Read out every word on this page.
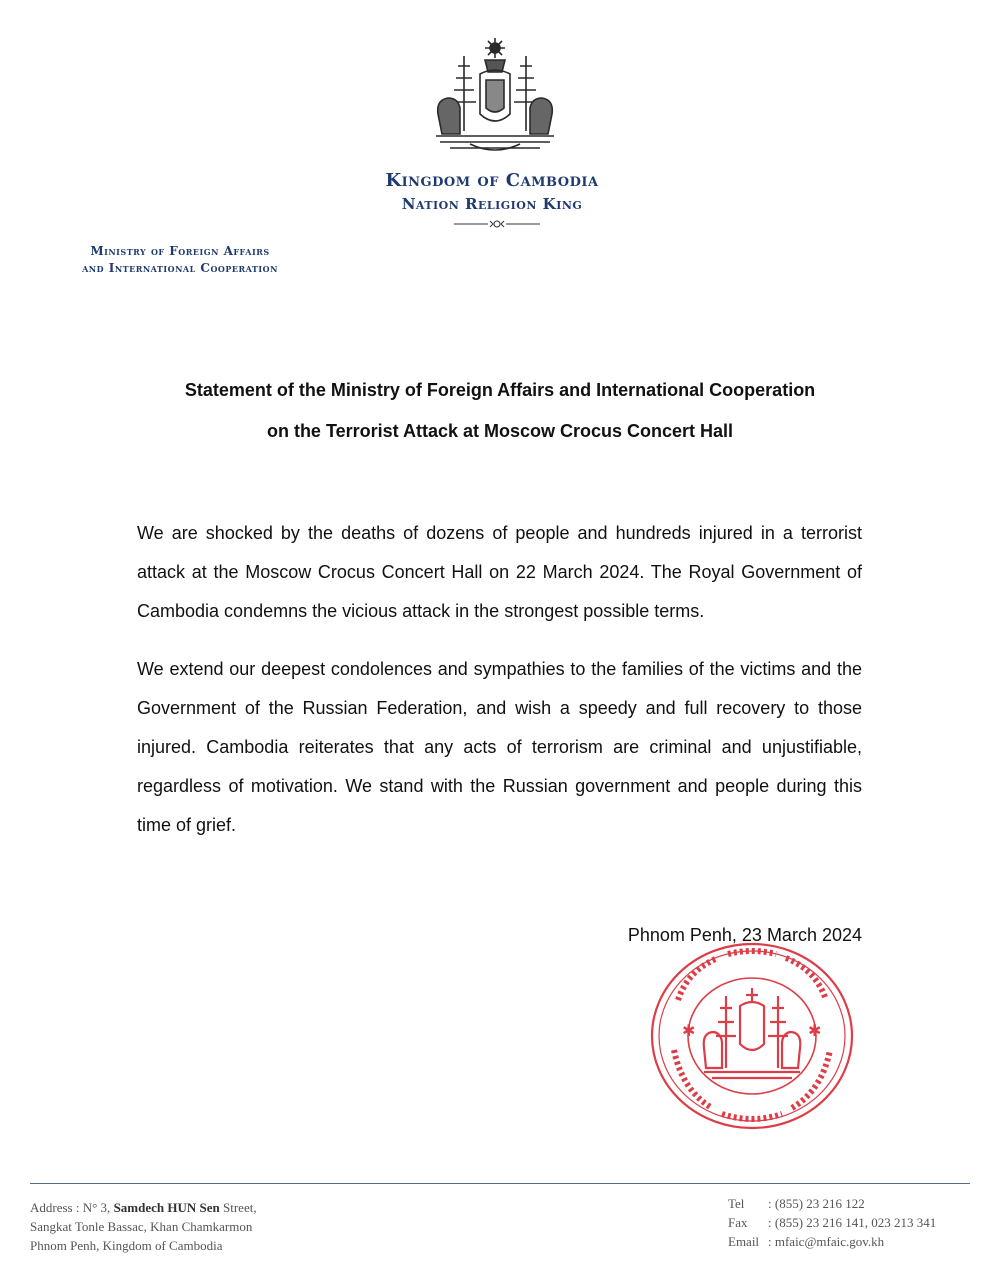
Kingdom of Cambodia
Nation Religion King
Ministry of Foreign Affairs
and International Cooperation
Statement of the Ministry of Foreign Affairs and International Cooperation
on the Terrorist Attack at Moscow Crocus Concert Hall
We are shocked by the deaths of dozens of people and hundreds injured in a terrorist attack at the Moscow Crocus Concert Hall on 22 March 2024. The Royal Government of Cambodia condemns the vicious attack in the strongest possible terms.
We extend our deepest condolences and sympathies to the families of the victims and the Government of the Russian Federation, and wish a speedy and full recovery to those injured. Cambodia reiterates that any acts of terrorism are criminal and unjustifiable, regardless of motivation. We stand with the Russian government and people during this time of grief.
Phnom Penh, 23 March 2024
✱	✱
Address : N° 3, Samdech HUN Sen Street,
Sangkat Tonle Bassac, Khan Chamkarmon
Phnom Penh, Kingdom of Cambodia
Tel : (855) 23 216 122
Fax : (855) 23 216 141, 023 213 341
Email : mfaic@mfaic.gov.kh
